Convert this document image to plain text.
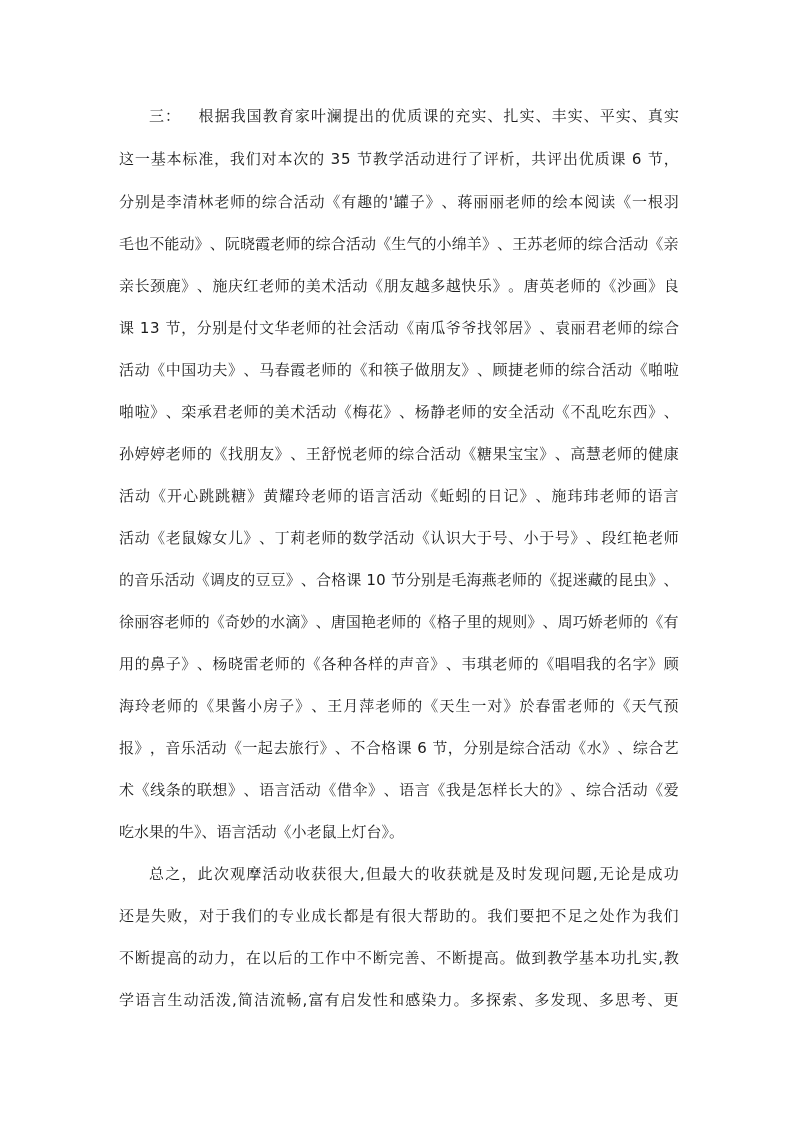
三 ：

根 据 我 国 教 育 家 叶 澜 提 出 的 优 质 课 的 充 实 、 扎 实 、 丰 实 、 平 实 、 真 实
这 一 基 本 标 准 ， 我 们 对 本 次 的
3 5
节 教 学 活 动 进 行 了 评 析 ， 共 评 出 优 质 课
6
节 ，
分 别 是 李 清 林 老 师 的 综 合 活 动 《 有 趣 的 ' 罐 子 》 、 蒋 丽 丽 老 师 的 绘 本 阅 读 《 一 根 羽
毛 也 不 能 动 》 、 阮 晓 霞 老 师 的 综 合 活 动 《 生 气 的 小 绵 羊 》 、 王 苏 老 师 的 综 合 活 动 《 亲
亲 长 颈 鹿 》 、 施 庆 红 老 师 的 美 术 活 动 《 朋 友 越 多 越 快 乐 》 。 唐 英 老 师 的 《 沙 画 》 良
课
1 3
节 ， 分 别 是 付 文 华 老 师 的 社 会 活 动 《 南 瓜 爷 爷 找 邻 居 》 、 袁 丽 君 老 师 的 综 合
活 动 《 中 国 功 夫 》 、 马 春 霞 老 师 的 《 和 筷 子 做 朋 友 》 、 顾 捷 老 师 的 综 合 活 动 《 啪 啦
啪 啦 》 、 栾 承 君 老 师 的 美 术 活 动 《 梅 花 》 、 杨 静 老 师 的 安 全 活 动 《 不 乱 吃 东 西 》 、
孙 婷 婷 老 师 的 《 找 朋 友 》 、 王 舒 悦 老 师 的 综 合 活 动 《 糖 果 宝 宝 》 、 高 慧 老 师 的 健 康
活 动 《 开 心 跳 跳 糖 》 黄 耀 玲 老 师 的 语 言 活 动 《 蚯 蚓 的 日 记 》 、 施 玮 玮 老 师 的 语 言
活 动 《 老 鼠 嫁 女 儿 》 、 丁 莉 老 师 的 数 学 活 动 《 认 识 大 于 号 、 小 于 号 》 、 段 红 艳 老 师
的 音 乐 活 动 《 调 皮 的 豆 豆 》 、 合 格 课
1 0
节 分 别 是 毛 海 燕 老 师 的 《 捉 迷 藏 的 昆 虫 》 、
徐 丽 容 老 师 的 《 奇 妙 的 水 滴 》 、 唐 国 艳 老 师 的 《 格 子 里 的 规 则 》 、 周 巧 娇 老 师 的 《 有
用 的 鼻 子 》 、 杨 晓 雷 老 师 的 《 各 种 各 样 的 声 音 》 、 韦 琪 老 师 的 《 唱 唱 我 的 名 字 》 顾
海 玲 老 师 的 《 果 酱 小 房 子 》 、 王 月 萍 老 师 的 《 天 生 一 对 》 於 春 雷 老 师 的 《 天 气 预
报 》 ， 音 乐 活 动 《 一 起 去 旅 行 》 、 不 合 格 课
6
节 ， 分 别 是 综 合 活 动 《 水 》 、 综 合 艺
术 《 线 条 的 联 想 》 、 语 言 活 动 《 借 伞 》 、 语 言 《 我 是 怎 样 长 大 的 》 、 综 合 活 动 《 爱
吃水果的牛》、语言活动《小老鼠上灯台》。
总 之 ， 此 次 观 摩 活 动 收 获 很 大 , 但 最 大 的 收 获 就 是 及 时 发 现 问 题 , 无 论 是 成 功
还 是 失 败 ， 对 于 我 们 的 专 业 成 长 都 是 有 很 大 帮 助 的 。 我 们 要 把 不 足 之 处 作 为 我 们
不 断 提 高 的 动 力 ， 在 以 后 的 工 作 中 不 断 完 善 、 不 断 提 高 。 做 到 教 学 基 本 功 扎 实 , 教
学 语 言 生 动 活 泼 , 简 洁 流 畅 , 富 有 启 发 性 和 感 染 力 。 多 探 索 、 多 发 现 、 多 思 考 、 更
